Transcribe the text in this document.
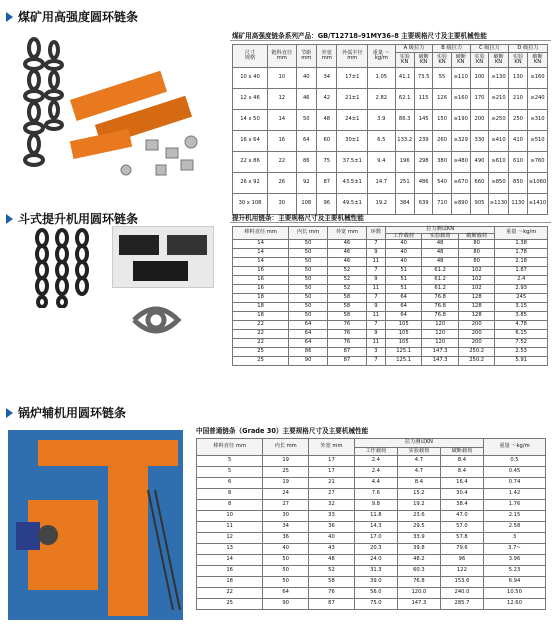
煤矿用高强度圆环链条
煤矿用高强度链条系列产品：GB/T12718–91MY36–8 主要规格尺寸及主要机械性能
尺寸
规格	链科直径 mm	节距 mm	外宽 mm	外弧半径 mm	重量 ～kg/m	A 级拉力		B 级拉力		C 级拉力		D 级拉力	
						实验 KN	破断 KN	实验 KN	破断 KN	实验 KN	破断 KN	实验 KN	破断 KN
10 x 40	10	40	34	17±1	1.05	41.1	73.5	55	≥110	100	≥130	130	≥160
12 x 46	12	46	42	21±1	2.82	62.1	115	126	≥160	170	≥210	210	≥240
14 x 50	14	50	48	24±1	3.9	86.3	145	150	≥190	200	≥250	250	≥310
16 x 64	16	64	60	30±1	6.5	133.2	239	260	≥329	330	≥410	410	≥510
22 x 86	22	86	75	37.5±1	9.4	196	298	380	≥480	490	≥610	610	≥760
26 x 92	26	92	87	43.5±1	14.7	251	486	540	≥670	660	≥850	850	≥1060
30 x 108	30	108	96	49.5±1	19.2	384	639	710	≥890	905	≥1130	1130	≥1410
斗式提升机用圆环链条	提升机用链条：主要规格尺寸及主要机械性能
棒料直径 mm	内长 mm	外宽 mm	环数	拉力测试KN			重量 ～kg/m
				工作载荷	实验载荷	破断载荷	
14	50	46	7	40	48	80	1.38
14	50	46	9	40	48	80	1.78
14	50	46	11	40	48	80	2.18
16	50	52	7	51	61.2	102	1.87
16	50	52	9	51	61.2	102	2.4
16	50	52	11	51	61.2	102	2.93
18	50	58	7	64	76.8	128	245
18	50	58	9	64	76.8	128	3.15
18	50	58	11	64	76.8	128	3.85
22	64	76	7	105	120	200	4.78
22	64	76	9	105	120	200	6.15
22	64	76	11	105	120	200	7.52
25	86	87	3	125.1	147.3	250.2	2.53
25	90	87	7	125.1	147.3	250.2	5.91
锅炉辅机用圆环链条
中国普通链条（Grade 30）主要规格尺寸及主要机械性能
棒料直径 mm	内长 mm	外宽 mm	拉力测试KN			重量 ～kg/m
			工作载荷	实验载荷	破断载荷	
5	19	17	2.4	4.7	8.4	0.5
5	25	17	2.4	4.7	8.4	0.45
6	19	21	4.4	8.4	16.4	0.74
8	24	27	7.6	15.2	30.4	1.42
8	27	32	9.8	19.2	38.4	1.76
10	30	33	11.8	23.6	47.0	2.15
11	34	36	14.3	29.5	57.0	2.58
12	36	40	17.0	33.9	57.8	3
13	40	43	20.3	39.8	79.6	3.7~
14	50	48	24.0	48.2	96	3.96
16	50	52	31.3	60.3	122	5.23
18	50	58	39.0	76.8	153.6	6.94
22	64	76	56.0	120.0	240.0	10.50
25	90	87	75.0	147.3	285.7	12.60
